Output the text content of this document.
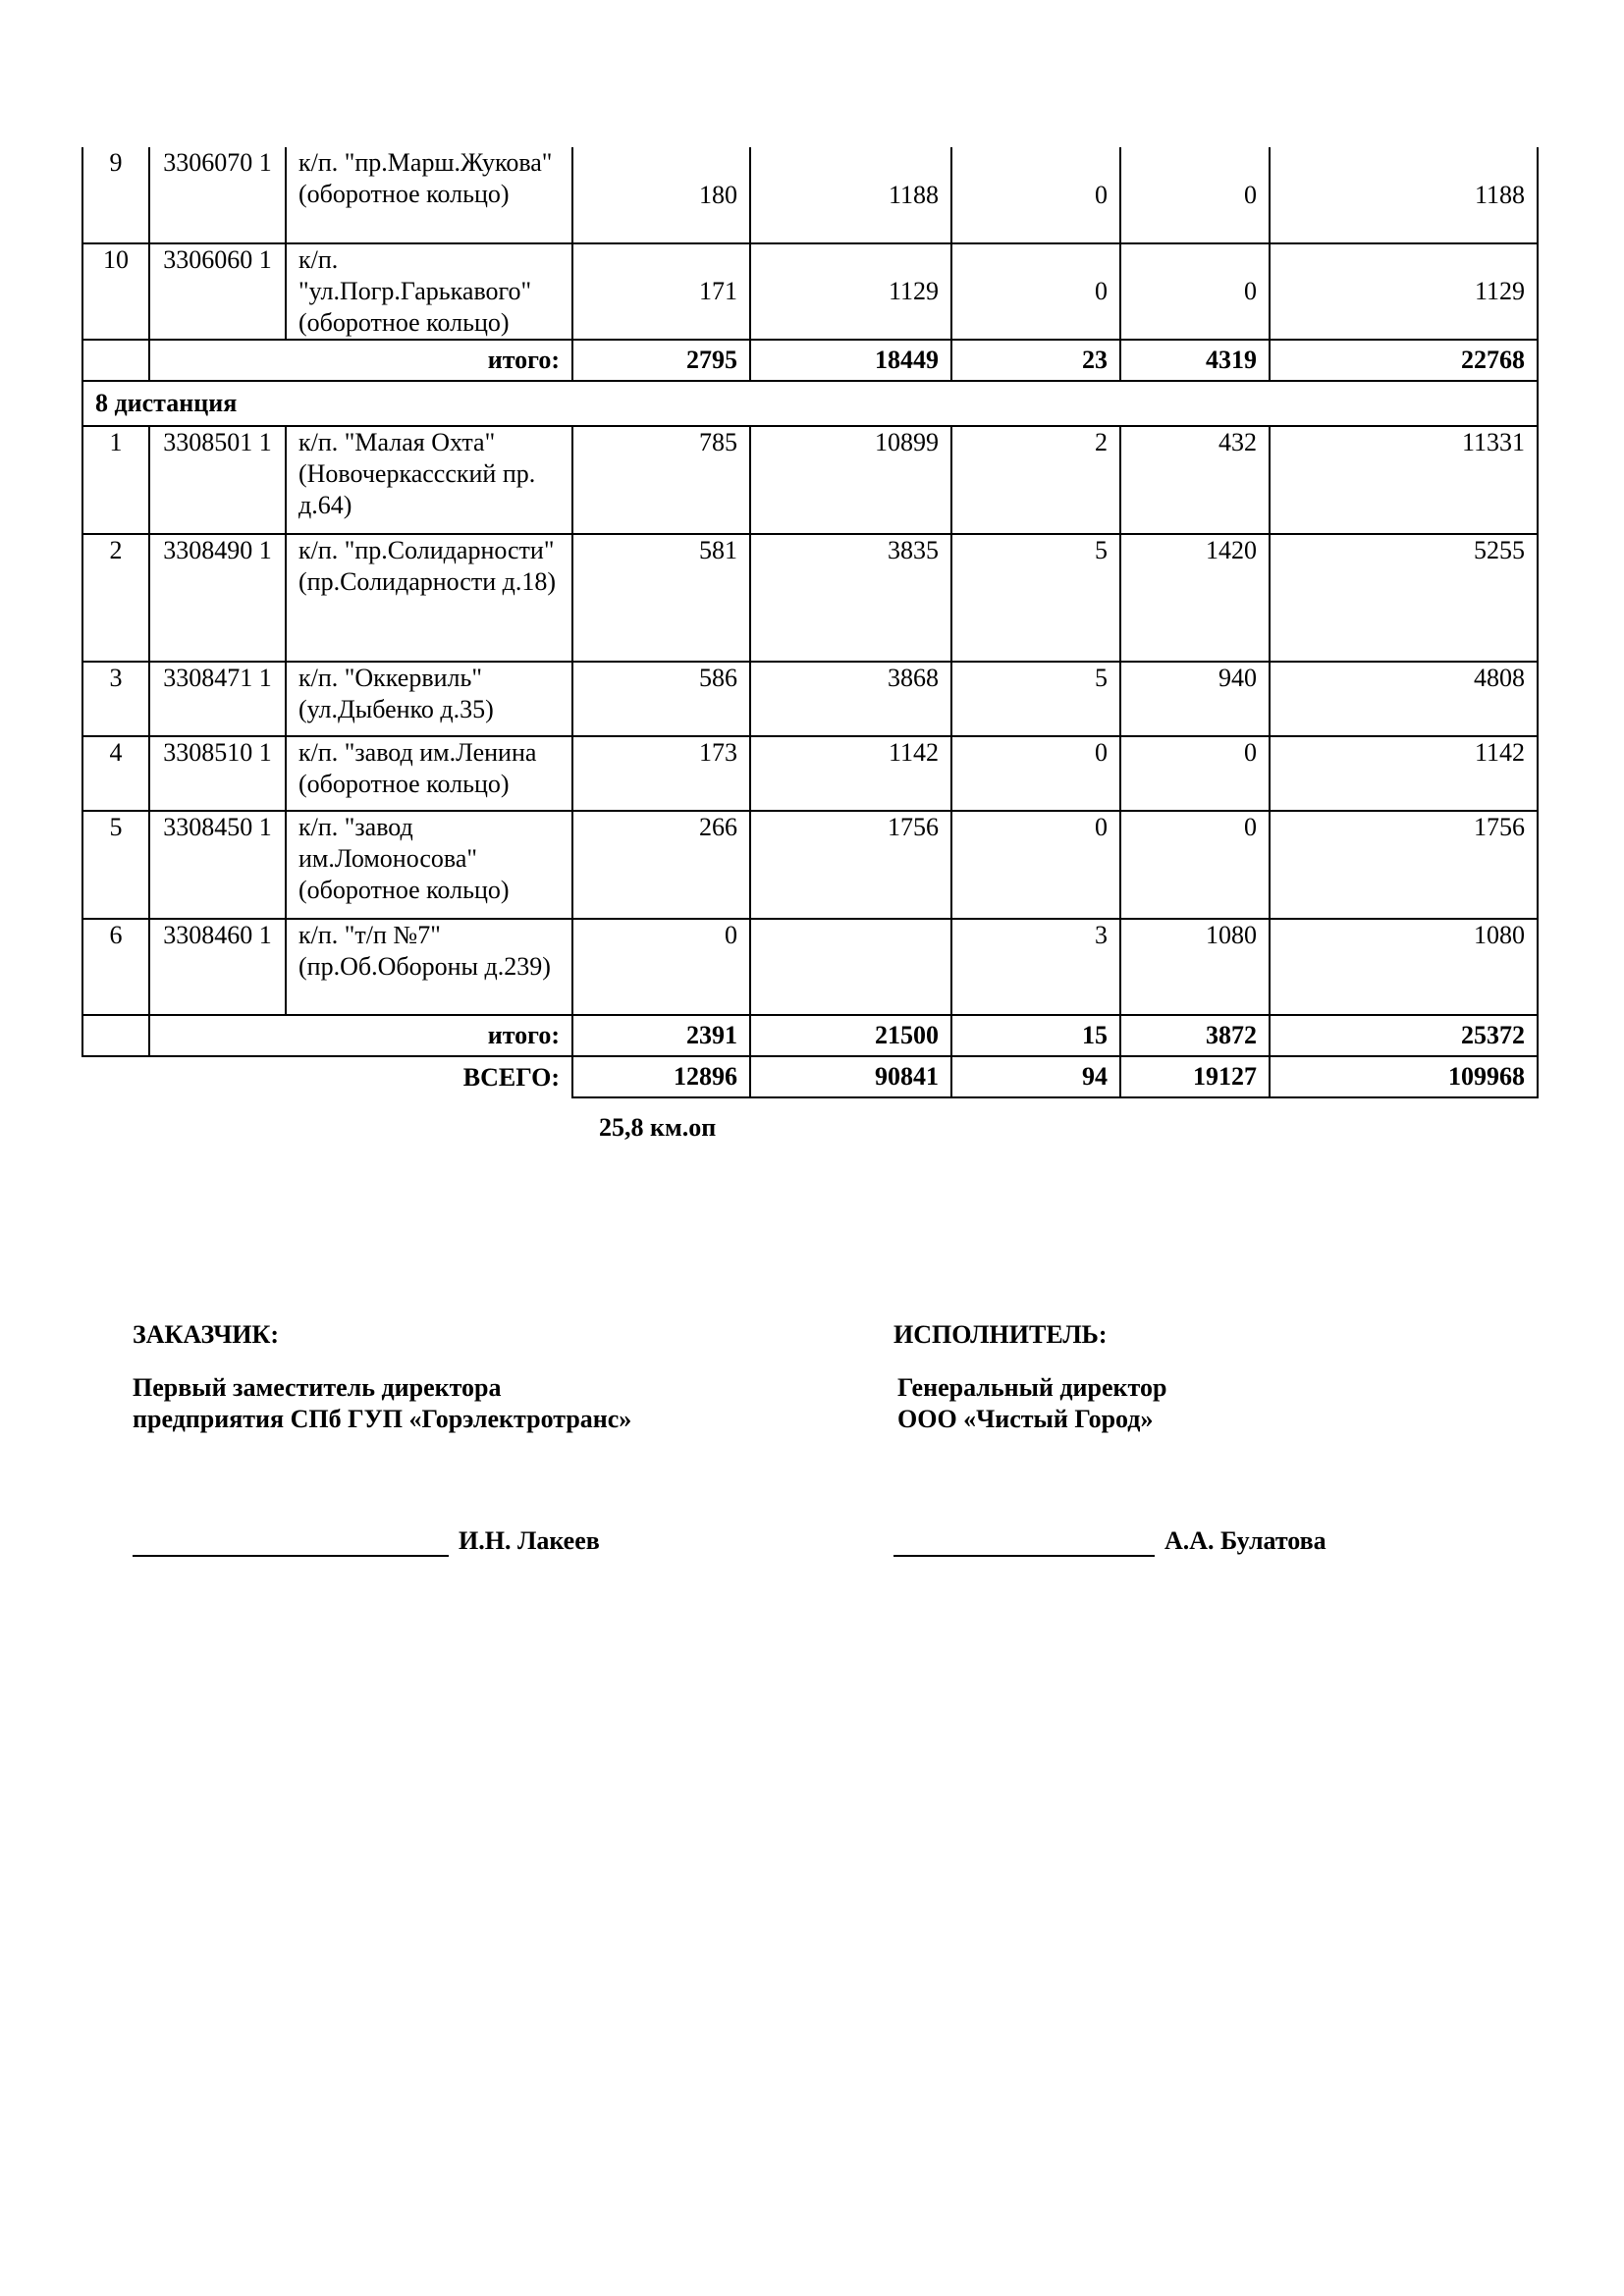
9	3306070 1	к/п. "пр.Марш.Жукова" (оборотное кольцо)	180	1188	0	0	1188
10	3306060 1	к/п. "ул.Погр.Гарькавого" (оборотное кольцо)	171	1129	0	0	1129
	итого:		2795	18449	23	4319	22768
8 дистанция							
1	3308501 1	к/п. "Малая Охта" (Новочеркассский пр. д.64)	785	10899	2	432	11331
2	3308490 1	к/п. "пр.Солидарности" (пр.Солидарности д.18)	581	3835	5	1420	5255
3	3308471 1	к/п. "Оккервиль" (ул.Дыбенко д.35)	586	3868	5	940	4808
4	3308510 1	к/п. "завод им.Ленина (оборотное кольцо)	173	1142	0	0	1142
5	3308450 1	к/п. "завод им.Ломоносова" (оборотное кольцо)	266	1756	0	0	1756
6	3308460 1	к/п. "т/п №7" (пр.Об.Обороны д.239)	0		3	1080	1080
	итого:		2391	21500	15	3872	25372
ВСЕГО:			12896	90841	94	19127	109968
25,8 км.оп
ЗАКАЗЧИК:
Первый заместитель директора
предприятия СПб ГУП «Горэлектротранс»
И.Н. Лакеев
ИСПОЛНИТЕЛЬ:
Генеральный директор
ООО «Чистый Город»
А.А. Булатова
